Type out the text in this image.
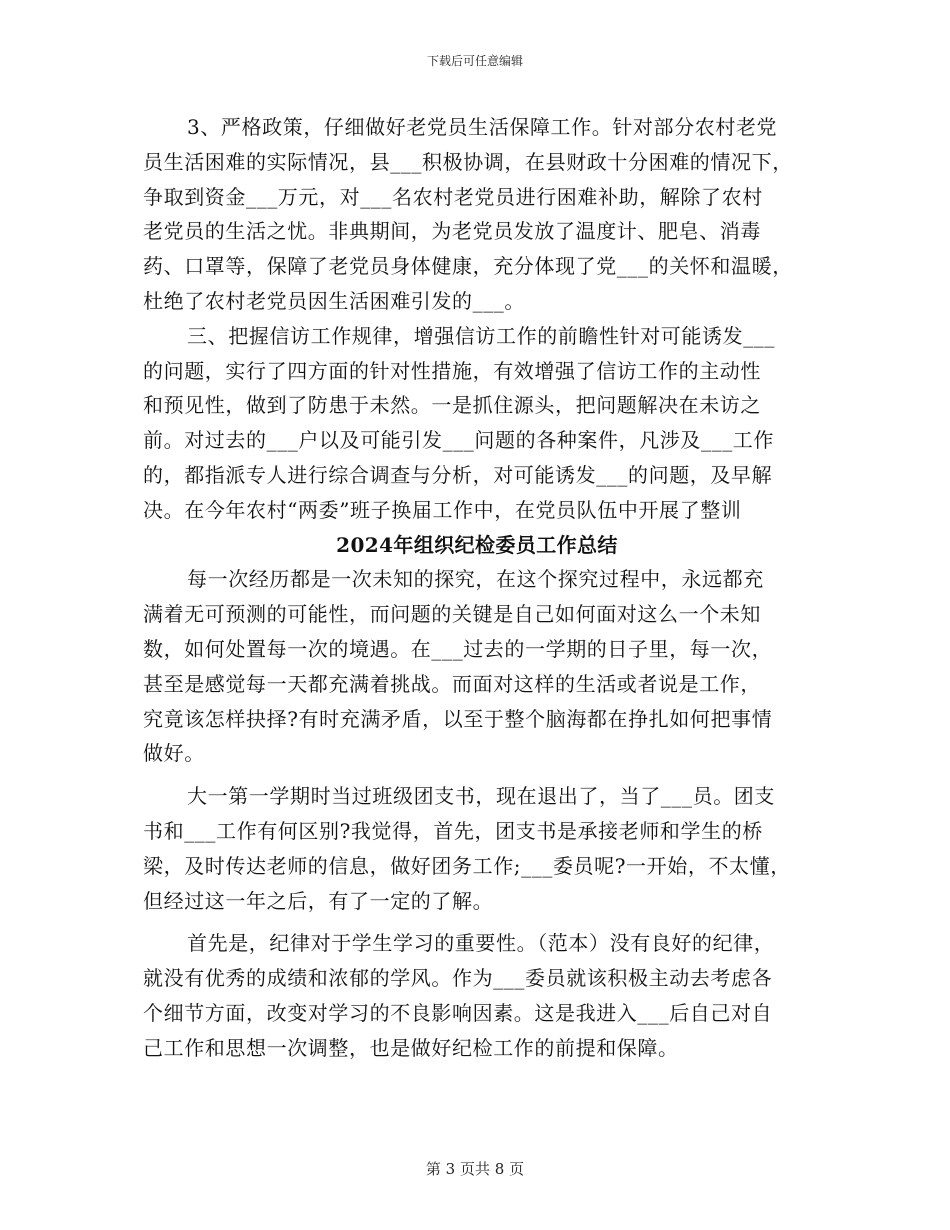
下载后可任意编辑
3、严格政策，仔细做好老党员生活保障工作。针对部分农村老党
员生活困难的实际情况，县___积极协调，在县财政十分困难的情况下，
争取到资金___万元，对___名农村老党员进行困难补助，解除了农村
老党员的生活之忧。非典期间，为老党员发放了温度计、肥皂、消毒
药、口罩等，保障了老党员身体健康，充分体现了党___的关怀和温暖，
杜绝了农村老党员因生活困难引发的___。
三、把握信访工作规律，增强信访工作的前瞻性针对可能诱发___
的问题，实行了四方面的针对性措施，有效增强了信访工作的主动性
和预见性，做到了防患于未然。一是抓住源头，把问题解决在未访之
前。对过去的___户以及可能引发___问题的各种案件，凡涉及___工作
的，都指派专人进行综合调查与分析，对可能诱发___的问题，及早解
决。在今年农村“两委”班子换届工作中，在党员队伍中开展了整训
2024年组织纪检委员工作总结
每一次经历都是一次未知的探究，在这个探究过程中，永远都充
满着无可预测的可能性，而问题的关键是自己如何面对这么一个未知
数，如何处置每一次的境遇。在___过去的一学期的日子里，每一次，
甚至是感觉每一天都充满着挑战。而面对这样的生活或者说是工作，
究竟该怎样抉择?有时充满矛盾，以至于整个脑海都在挣扎如何把事情
做好。
大一第一学期时当过班级团支书，现在退出了，当了___员。团支
书和___工作有何区别?我觉得，首先，团支书是承接老师和学生的桥
梁，及时传达老师的信息，做好团务工作;___委员呢?一开始，不太懂，
但经过这一年之后，有了一定的了解。
首先是，纪律对于学生学习的重要性。（范本）没有良好的纪律，
就没有优秀的成绩和浓郁的学风。作为___委员就该积极主动去考虑各
个细节方面，改变对学习的不良影响因素。这是我进入___后自己对自
己工作和思想一次调整，也是做好纪检工作的前提和保障。
第 3 页共 8 页
